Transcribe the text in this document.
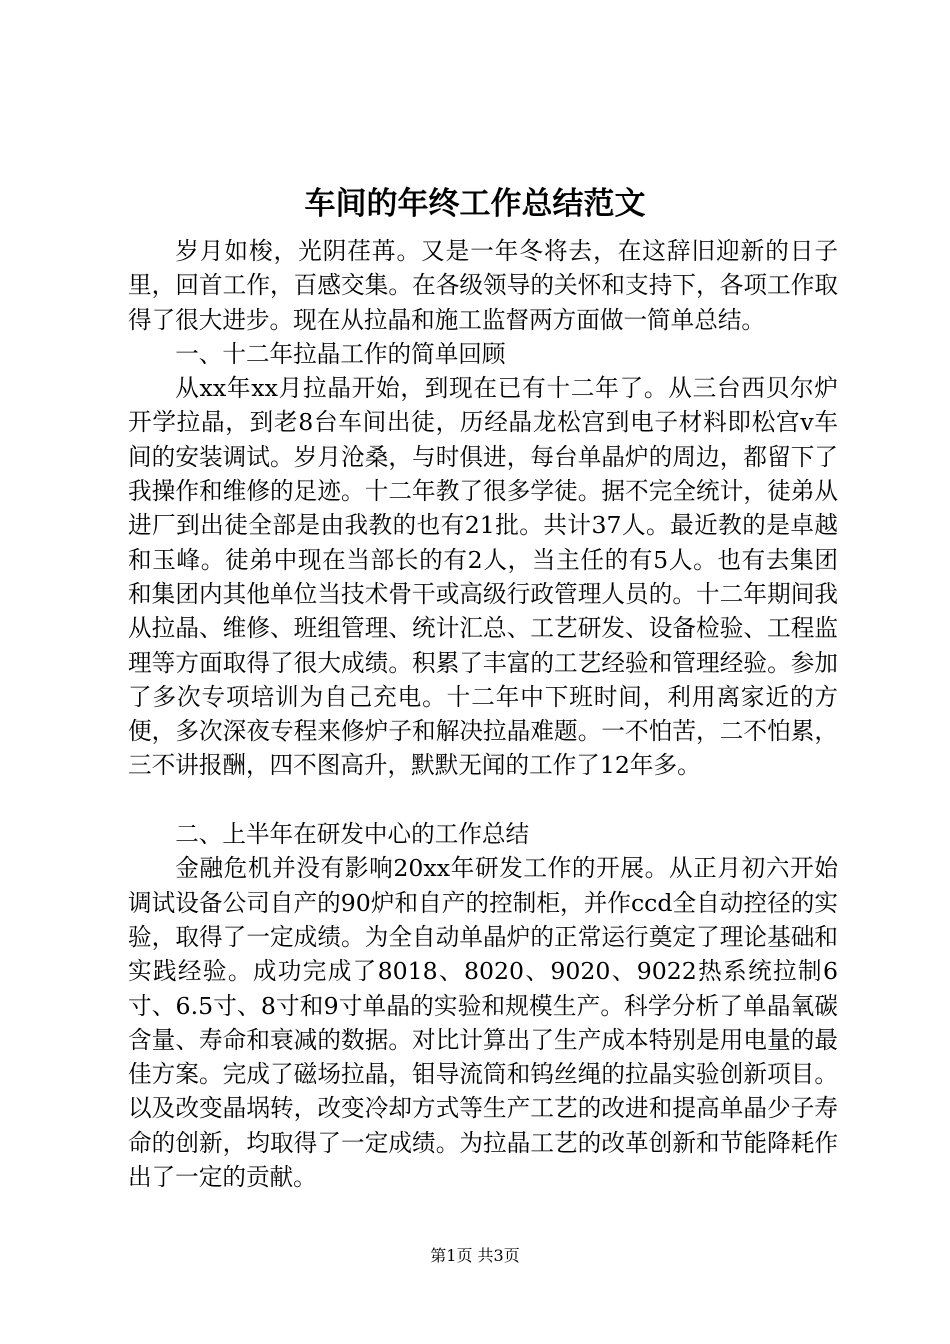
车间的年终工作总结范文

岁月如梭，光阴荏苒。又是一年冬将去，在这辞旧迎新的日子里，回首工作，百感交集。在各级领导的关怀和支持下，各项工作取得了很大进步。现在从拉晶和施工监督两方面做一简单总结。

一、十二年拉晶工作的简单回顾

从xx年xx月拉晶开始，到现在已有十二年了。从三台西贝尔炉开学拉晶，到老8台车间出徒，历经晶龙松宫到电子材料即松宫v车间的安装调试。岁月沧桑，与时俱进，每台单晶炉的周边，都留下了我操作和维修的足迹。十二年教了很多学徒。据不完全统计，徒弟从进厂到出徒全部是由我教的也有21批。共计37人。最近教的是卓越和玉峰。徒弟中现在当部长的有2人，当主任的有5人。也有去集团和集团内其他单位当技术骨干或高级行政管理人员的。十二年期间我从拉晶、维修、班组管理、统计汇总、工艺研发、设备检验、工程监理等方面取得了很大成绩。积累了丰富的工艺经验和管理经验。参加了多次专项培训为自己充电。十二年中下班时间，利用离家近的方便，多次深夜专程来修炉子和解决拉晶难题。一不怕苦，二不怕累，三不讲报酬，四不图高升，默默无闻的工作了12年多。

二、上半年在研发中心的工作总结

金融危机并没有影响20xx年研发工作的开展。从正月初六开始调试设备公司自产的90炉和自产的控制柜，并作ccd全自动控径的实验，取得了一定成绩。为全自动单晶炉的正常运行奠定了理论基础和实践经验。成功完成了8018、8020、9020、9022热系统拉制6寸、6.5寸、8寸和9寸单晶的实验和规模生产。科学分析了单晶氧碳含量、寿命和衰减的数据。对比计算出了生产成本特别是用电量的最佳方案。完成了磁场拉晶，钼导流筒和钨丝绳的拉晶实验创新项目。以及改变晶埚转，改变冷却方式等生产工艺的改进和提高单晶少子寿命的创新，均取得了一定成绩。为拉晶工艺的改革创新和节能降耗作出了一定的贡献。

第1页 共3页
